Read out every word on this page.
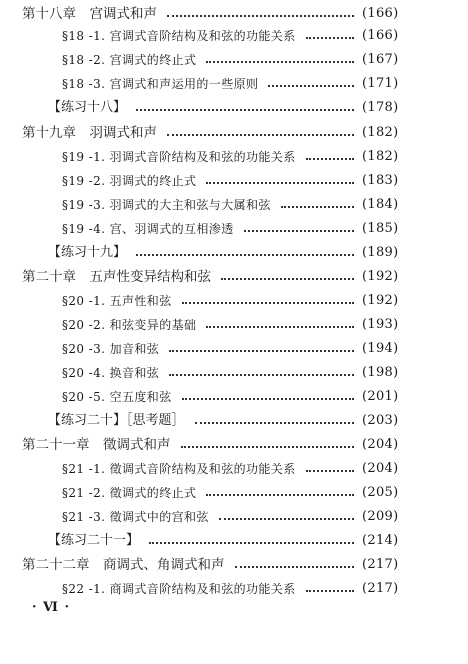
第十八章　宫调式和声	(166)
§18 -1. 宫调式音阶结构及和弦的功能关系	(166)
§18 -2. 宫调式的终止式	(167)
§18 -3. 宫调式和声运用的一些原则	(171)
【练习十八】	(178)
第十九章　羽调式和声	(182)
§19 -1. 羽调式音阶结构及和弦的功能关系	(182)
§19 -2. 羽调式的终止式	(183)
§19 -3. 羽调式的大主和弦与大属和弦	(184)
§19 -4. 宫、羽调式的互相渗透	(185)
【练习十九】	(189)
第二十章　五声性变异结构和弦	(192)
§20 -1. 五声性和弦	(192)
§20 -2. 和弦变异的基础	(193)
§20 -3. 加音和弦	(194)
§20 -4. 换音和弦	(198)
§20 -5. 空五度和弦	(201)
【练习二十】［思考题］	(203)
第二十一章　徵调式和声	(204)
§21 -1. 徵调式音阶结构及和弦的功能关系	(204)
§21 -2. 徵调式的终止式	(205)
§21 -3. 徵调式中的宫和弦	(209)
【练习二十一】	(214)
第二十二章　商调式、角调式和声	(217)
§22 -1. 商调式音阶结构及和弦的功能关系	(217)
· Ⅵ ·
